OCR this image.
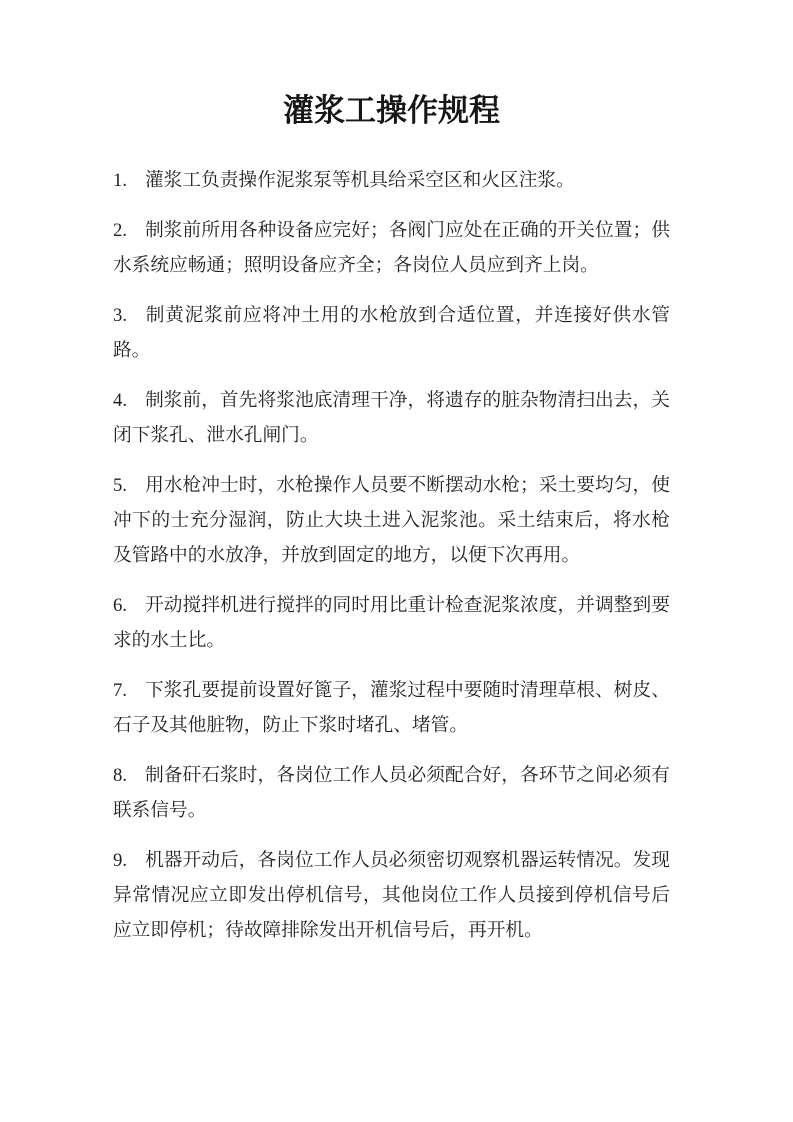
灌浆工操作规程

1. 灌浆工负责操作泥浆泵等机具给采空区和火区注浆。

2. 制浆前所用各种设备应完好；各阀门应处在正确的开关位置；供水系统应畅通；照明设备应齐全；各岗位人员应到齐上岗。

3. 制黄泥浆前应将冲土用的水枪放到合适位置，并连接好供水管路。

4. 制浆前，首先将浆池底清理干净，将遗存的脏杂物清扫出去，关闭下浆孔、泄水孔闸门。

5. 用水枪冲士时，水枪操作人员要不断摆动水枪；采土要均匀，使冲下的士充分湿润，防止大块土进入泥浆池。采土结束后，将水枪及管路中的水放净，并放到固定的地方，以便下次再用。

6. 开动搅拌机进行搅拌的同时用比重计检查泥浆浓度，并调整到要求的水土比。

7. 下浆孔要提前设置好篦子，灌浆过程中要随时清理草根、树皮、石子及其他脏物，防止下浆时堵孔、堵管。

8. 制备矸石浆时，各岗位工作人员必须配合好，各环节之间必须有联系信号。

9. 机器开动后，各岗位工作人员必须密切观察机器运转情况。发现异常情况应立即发出停机信号，其他岗位工作人员接到停机信号后应立即停机；待故障排除发出开机信号后，再开机。
